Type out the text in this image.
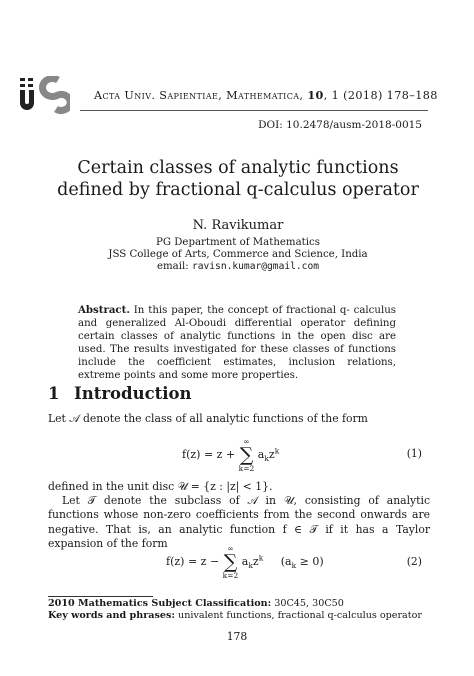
Acta Univ. Sapientiae, Mathematica, 10, 1 (2018) 178–188
DOI: 10.2478/ausm-2018-0015
Certain classes of analytic functions
defined by fractional q-calculus operator
N. Ravikumar
PG Department of Mathematics
JSS College of Arts, Commerce and Science, India
email: ravisn.kumar@gmail.com
Abstract. In this paper, the concept of fractional q- calculus and generalized Al-Oboudi differential operator defining certain classes of analytic functions in the open disc are used. The results investigated for these classes of functions include the coefficient estimates, inclusion relations, extreme points and some more properties.
1 Introduction
Let 𝒜 denote the class of all analytic functions of the form
f(z) = z +
∞
∑
k=2
$a_kz^k$	(1)
defined in the unit disc 𝒰 = {z : |z| < 1}.
Let 𝒯 denote the subclass of 𝒜 in 𝒰, consisting of analytic functions whose non-zero coefficients from the second onwards are negative. That is, an analytic function f ∈ 𝒯 if it has a Taylor expansion of the form
f(z) = z −
∞
∑
k=2
$a_kz^k$ $(a_k \ge 0)$	(2)
2010 Mathematics Subject Classification: 30C45, 30C50
Key words and phrases: univalent functions, fractional q-calculus operator
178
